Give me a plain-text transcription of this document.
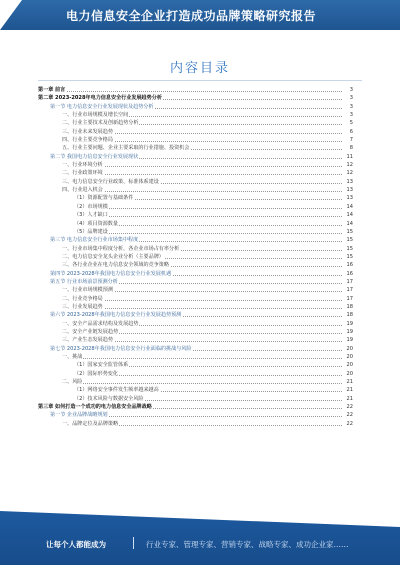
电力信息安全企业打造成功品牌策略研究报告
内容目录
第一章 前言	3
第二章 2023-2028年电力信息安全行业发展趋势分析	3
第一节 电力信息安全行业发展现状及趋势分析	3
一、行业市场规模及增长空间	3
二、行业主要技术及创新趋势分析	5
三、行业未来发展趋势	6
四、行业主要竞争格局	7
五、行业主要问题、企业主要采取的行业措施、投资机会	8
第二节 我国电力信息安全行业发展现状	11
一、行业环境分析	12
二、行业政策环境	12
三、电力信息安全行业政策、标准体系建设	13
四、行业进入机会	13
（1）资源配置与基础条件	13
（2）市场规模	14
（3）人才缺口	14
（4）项目资源数量	14
（5）品牌建设	15
第三节 电力信息安全行业市场集中程度	15
一、行业市场集中程度分析，各企业市场占有率分析	15
二、电力信息安全龙头企业分析（主要品牌）	15
三、各行业企业在电力信息安全领域的竞争策略	16
第四节 2023-2028年我国电力信息安全行业发展机遇	16
第五节 行业市场前景预测分析	17
一、行业市场规模预测	17
二、行业竞争格局	17
三、行业发展趋势	18
第六节 2023-2028年我国电力信息安全行业发展趋势预测	18
一、安全产品需求结构及发展趋势	19
二、安全产业链发展趋势	19
三、产业生态发展趋势	19
第七节 2023-2028年我国电力信息安全行业面临的挑战与风险	20
一、挑战	20
（1）国家安全监管体系	20
（2）国际形势变化	20
二、风险	21
（1）网络安全事件发生频率越来越高	21
（2）技术风险与数据安全风险	21
第三章 如何打造一个成功的电力信息安全品牌战略	22
第一节 企业品牌战略规划	22
一、品牌定位及品牌策略	22
让每个人都能成为	行业专家、管理专家、营销专家、战略专家、成功企业家……
